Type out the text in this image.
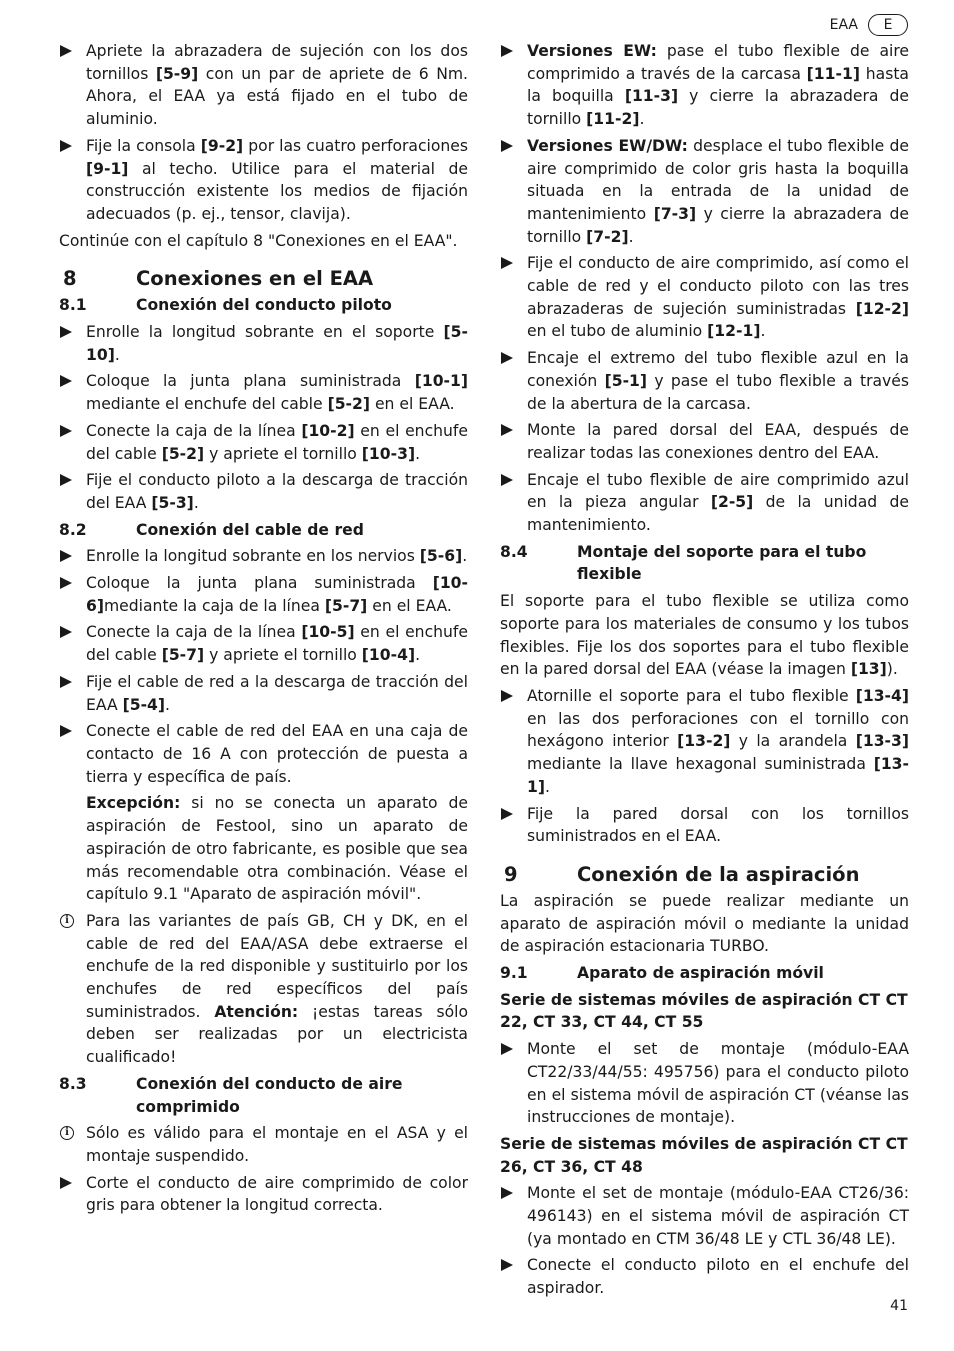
EAA	E
Apriete la abrazadera de sujeción con los dos tornillos [5-9] con un par de apriete de 6 Nm. Ahora, el EAA ya está fijado en el tubo de aluminio.
Fije la consola [9-2] por las cuatro perforaciones [9-1] al techo. Utilice para el material de construcción existente los medios de fijación adecuados (p. ej., tensor, clavija).
Continúe con el capítulo 8 "Conexiones en el EAA".
8	Conexiones en el EAA
8.1	Conexión del conducto piloto
Enrolle la longitud sobrante en el soporte [5-10].
Coloque la junta plana suministrada [10-1] mediante el enchufe del cable [5-2] en el EAA.
Conecte la caja de la línea [10-2] en el enchufe del cable [5-2] y apriete el tornillo [10-3].
Fije el conducto piloto a la descarga de tracción del EAA [5-3].
8.2	Conexión del cable de red
Enrolle la longitud sobrante en los nervios [5-6].
Coloque la junta plana suministrada [10-6]mediante la caja de la línea [5-7] en el EAA.
Conecte la caja de la línea [10-5] en el enchufe del cable [5-7] y apriete el tornillo [10-4].
Fije el cable de red a la descarga de tracción del EAA [5-4].
Conecte el cable de red del EAA en una caja de contacto de 16 A con protección de puesta a tierra y específica de país.
Excepción: si no se conecta un aparato de aspiración de Festool, sino un aparato de aspiración de otro fabricante, es posible que sea más recomendable otra combinación. Véase el capítulo 9.1 "Aparato de aspiración móvil".
i	Para las variantes de país GB, CH y DK, en el cable de red del EAA/ASA debe extraerse el enchufe de la red disponible y sustituirlo por los enchufes de red específicos del país suministrados. Atención: ¡estas tareas sólo deben ser realizadas por un electricista cualificado!
8.3	Conexión del conducto de aire comprimido
i	Sólo es válido para el montaje en el ASA y el montaje suspendido.
Corte el conducto de aire comprimido de color gris para obtener la longitud correcta.
Versiones EW: pase el tubo flexible de aire comprimido a través de la carcasa [11-1] hasta la boquilla [11-3] y cierre la abrazadera de tornillo [11-2].
Versiones EW/DW: desplace el tubo flexible de aire comprimido de color gris hasta la boquilla situada en la entrada de la unidad de mantenimiento [7-3] y cierre la abrazadera de tornillo [7-2].
Fije el conducto de aire comprimido, así como el cable de red y el conducto piloto con las tres abrazaderas de sujeción suministradas [12-2] en el tubo de aluminio [12-1].
Encaje el extremo del tubo flexible azul en la conexión [5-1] y pase el tubo flexible a través de la abertura de la carcasa.
Monte la pared dorsal del EAA, después de realizar todas las conexiones dentro del EAA.
Encaje el tubo flexible de aire comprimido azul en la pieza angular [2-5] de la unidad de mantenimiento.
8.4	Montaje del soporte para el tubo flexible
El soporte para el tubo flexible se utiliza como soporte para los materiales de consumo y los tubos flexibles. Fije los dos soportes para el tubo flexible en la pared dorsal del EAA (véase la imagen [13]).
Atornille el soporte para el tubo flexible [13-4] en las dos perforaciones con el tornillo con hexágono interior [13-2] y la arandela [13-3] mediante la llave hexagonal suministrada [13-1].
Fije la pared dorsal con los tornillos suministrados en el EAA.
9	Conexión de la aspiración
La aspiración se puede realizar mediante un aparato de aspiración móvil o mediante la unidad de aspiración estacionaria TURBO.
9.1	Aparato de aspiración móvil
Serie de sistemas móviles de aspiración CT CT 22, CT 33, CT 44, CT 55
Monte el set de montaje (módulo-EAA CT22/33/44/55: 495756) para el conducto piloto en el sistema móvil de aspiración CT (véanse las instrucciones de montaje).
Serie de sistemas móviles de aspiración CT CT 26, CT 36, CT 48
Monte el set de montaje (módulo-EAA CT26/36: 496143) en el sistema móvil de aspiración CT (ya montado en CTM 36/48 LE y CTL 36/48 LE).
Conecte el conducto piloto en el enchufe del aspirador.
41
